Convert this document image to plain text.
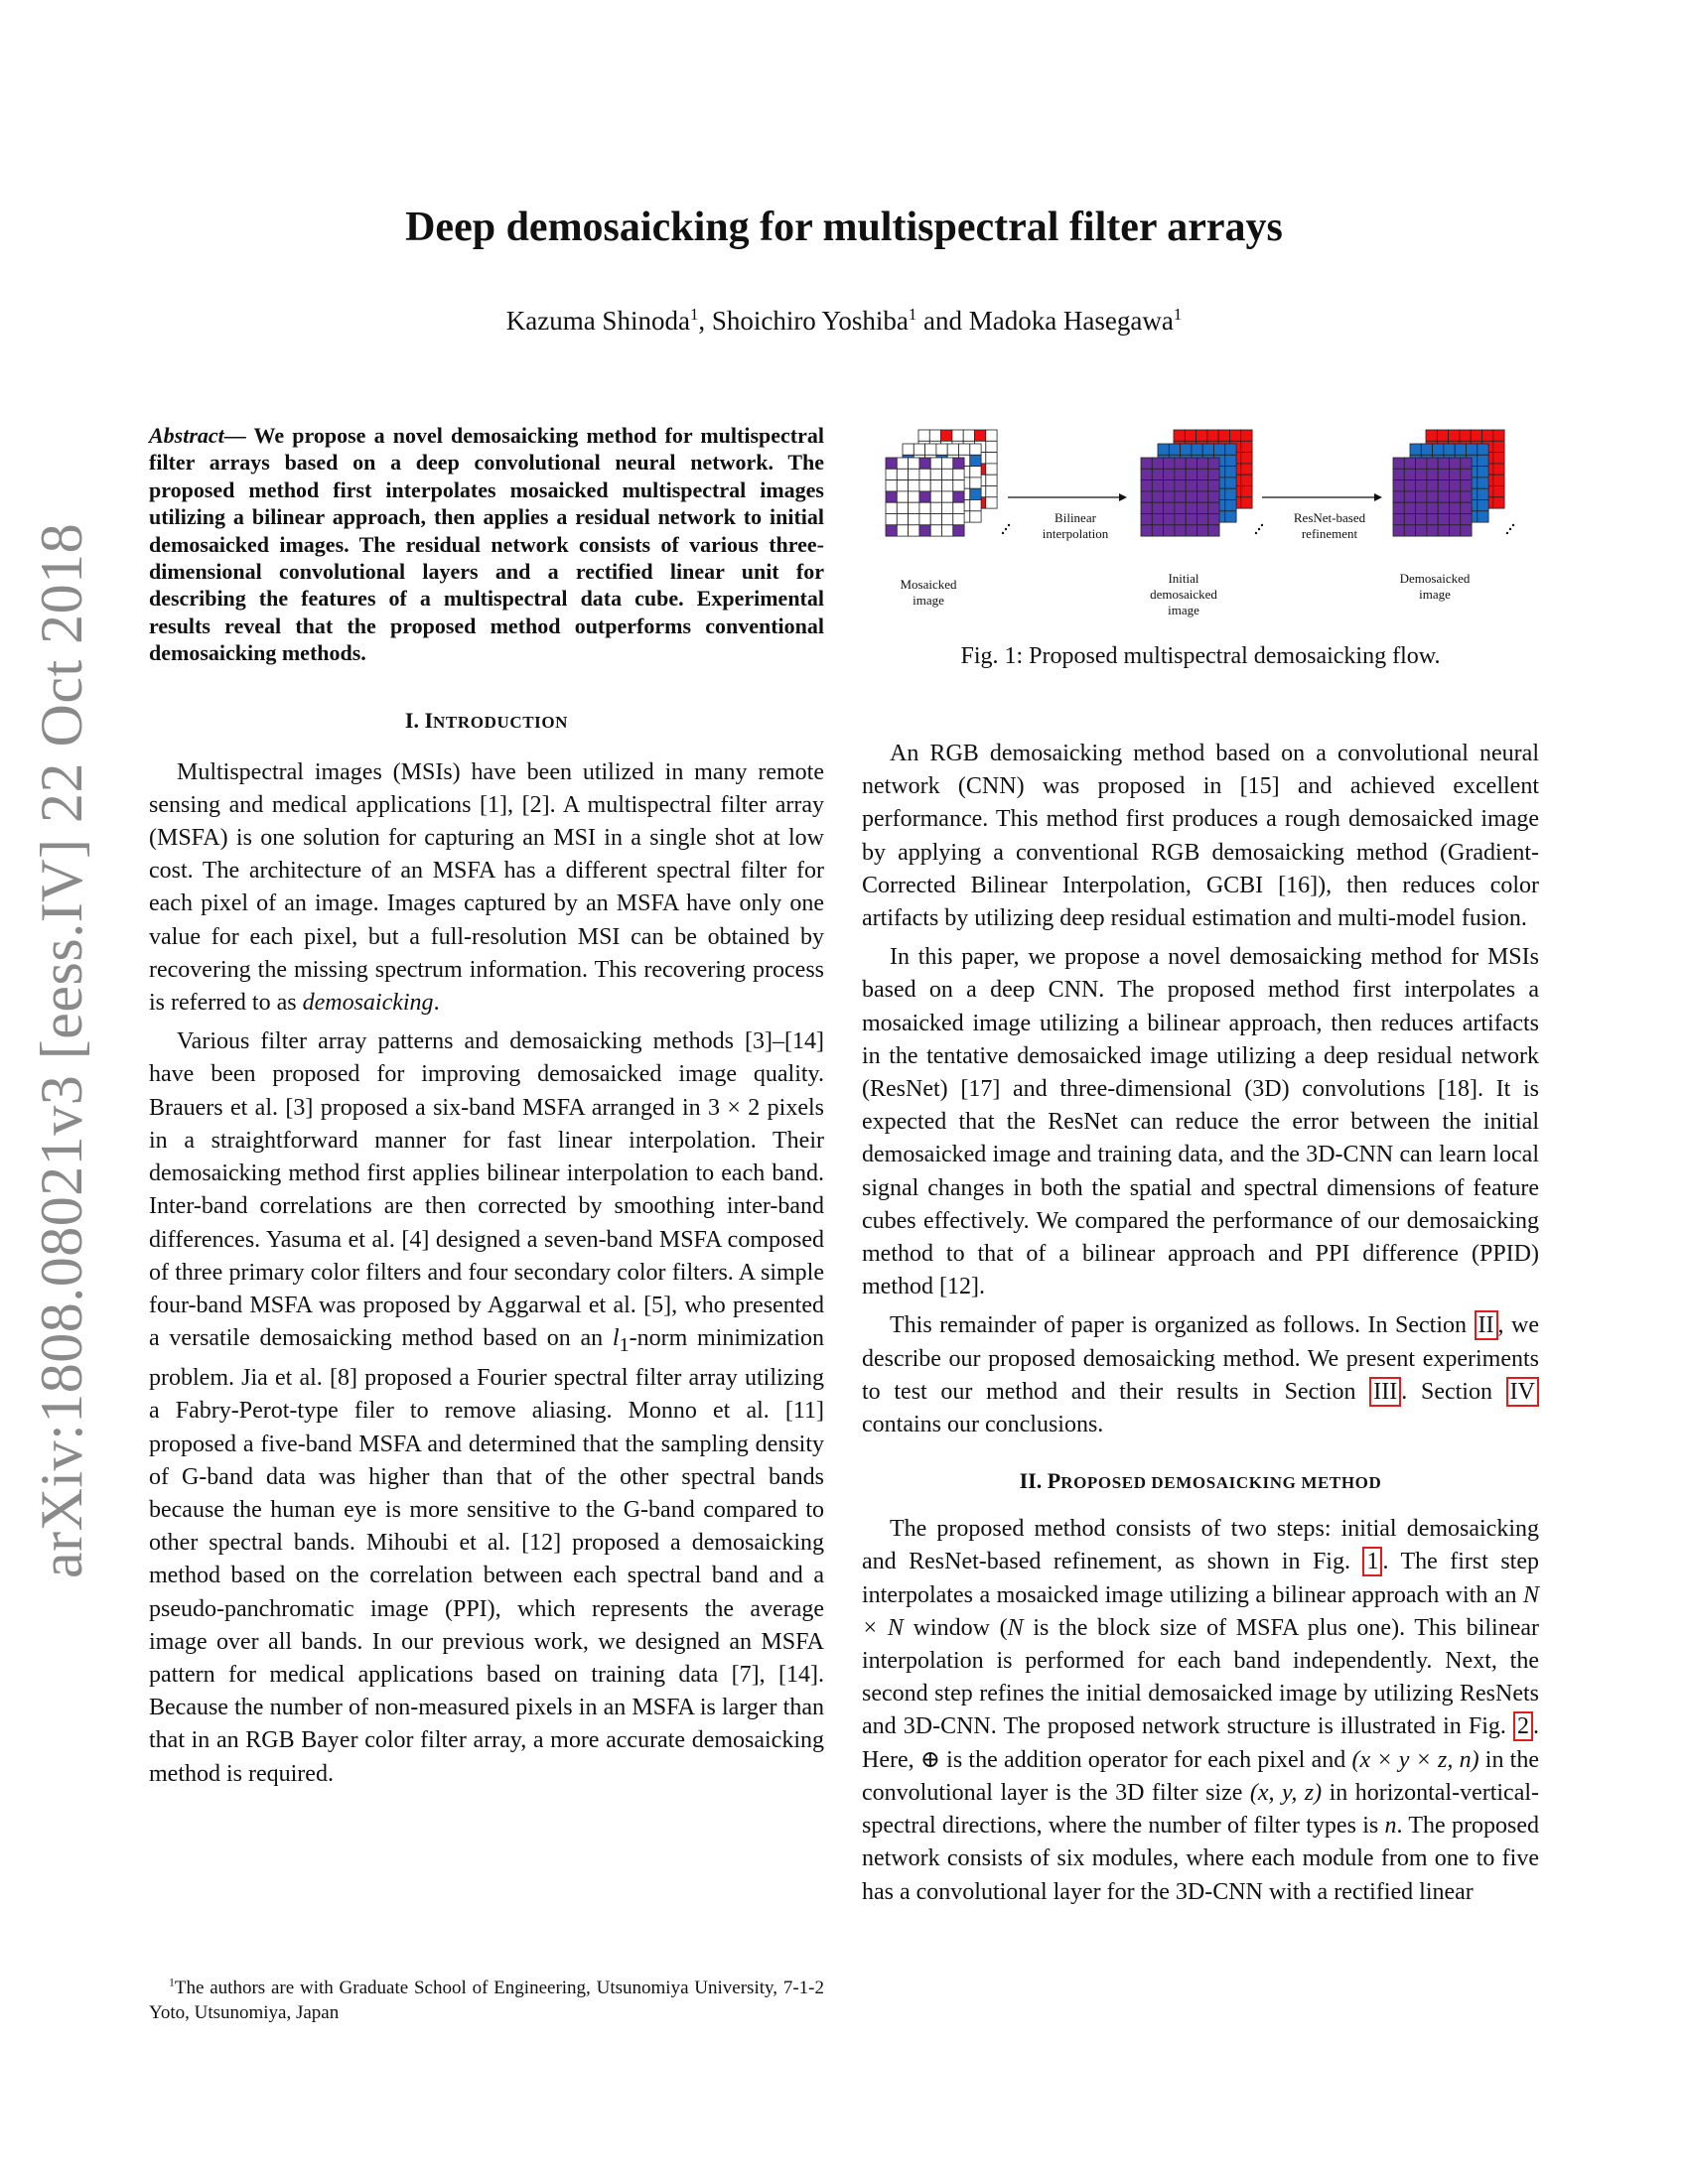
arXiv:1808.08021v3 [eess.IV] 22 Oct 2018
Deep demosaicking for multispectral filter arrays
Kazuma Shinoda$^1$, Shoichiro Yoshiba$^1$ and Madoka Hasegawa$^1$

Abstract— We propose a novel demosaicking method for multispectral filter arrays based on a deep convolutional neural network. The proposed method first interpolates mosaicked multispectral images utilizing a bilinear approach, then applies a residual network to initial demosaicked images. The residual network consists of various three-dimensional convolutional layers and a rectified linear unit for describing the features of a multispectral data cube. Experimental results reveal that the proposed method outperforms conventional demosaicking methods.

I. INTRODUCTION

Multispectral images (MSIs) have been utilized in many remote sensing and medical applications [1], [2]. A multispectral filter array (MSFA) is one solution for capturing an MSI in a single shot at low cost. The architecture of an MSFA has a different spectral filter for each pixel of an image. Images captured by an MSFA have only one value for each pixel, but a full-resolution MSI can be obtained by recovering the missing spectrum information. This recovering process is referred to as demosaicking.

Various filter array patterns and demosaicking methods [3]–[14] have been proposed for improving demosaicked image quality. Brauers et al. [3] proposed a six-band MSFA arranged in 3 × 2 pixels in a straightforward manner for fast linear interpolation. Their demosaicking method first applies bilinear interpolation to each band. Inter-band correlations are then corrected by smoothing inter-band differences. Yasuma et al. [4] designed a seven-band MSFA composed of three primary color filters and four secondary color filters. A simple four-band MSFA was proposed by Aggarwal et al. [5], who presented a versatile demosaicking method based on an $l_1$-norm minimization problem. Jia et al. [8] proposed a Fourier spectral filter array utilizing a Fabry-Perot-type filer to remove aliasing. Monno et al. [11] proposed a five-band MSFA and determined that the sampling density of G-band data was higher than that of the other spectral bands because the human eye is more sensitive to the G-band compared to other spectral bands. Mihoubi et al. [12] proposed a demosaicking method based on the correlation between each spectral band and a pseudo-panchromatic image (PPI), which represents the average image over all bands. In our previous work, we designed an MSFA pattern for medical applications based on training data [7], [14]. Because the number of non-measured pixels in an MSFA is larger than that in an RGB Bayer color filter array, a more accurate demosaicking method is required.

$^1$The authors are with Graduate School of Engineering, Utsunomiya University, 7-1-2 Yoto, Utsunomiya, Japan
Bilinear
interpolation
ResNet-based
refinement
Mosaicked
image
Initial
demosaicked
image
Demosaicked
image
Fig. 1: Proposed multispectral demosaicking flow.

An RGB demosaicking method based on a convolutional neural network (CNN) was proposed in [15] and achieved excellent performance. This method first produces a rough demosaicked image by applying a conventional RGB demosaicking method (Gradient-Corrected Bilinear Interpolation, GCBI [16]), then reduces color artifacts by utilizing deep residual estimation and multi-model fusion.

In this paper, we propose a novel demosaicking method for MSIs based on a deep CNN. The proposed method first interpolates a mosaicked image utilizing a bilinear approach, then reduces artifacts in the tentative demosaicked image utilizing a deep residual network (ResNet) [17] and three-dimensional (3D) convolutions [18]. It is expected that the ResNet can reduce the error between the initial demosaicked image and training data, and the 3D-CNN can learn local signal changes in both the spatial and spectral dimensions of feature cubes effectively. We compared the performance of our demosaicking method to that of a bilinear approach and PPI difference (PPID) method [12].

This remainder of paper is organized as follows. In Section II , we describe our proposed demosaicking method. We present experiments to test our method and their results in Section III . Section IV contains our conclusions.

II. PROPOSED DEMOSAICKING METHOD

The proposed method consists of two steps: initial demosaicking and ResNet-based refinement, as shown in Fig. 1 . The first step interpolates a mosaicked image utilizing a bilinear approach with an N × N window (N is the block size of MSFA plus one). This bilinear interpolation is performed for each band independently. Next, the second step refines the initial demosaicked image by utilizing ResNets and 3D-CNN. The proposed network structure is illustrated in Fig. 2 . Here, ⊕ is the addition operator for each pixel and (x × y × z, n) in the convolutional layer is the 3D filter size (x, y, z) in horizontal-vertical-spectral directions, where the number of filter types is n. The proposed network consists of six modules, where each module from one to five has a convolutional layer for the 3D-CNN with a rectified linear
